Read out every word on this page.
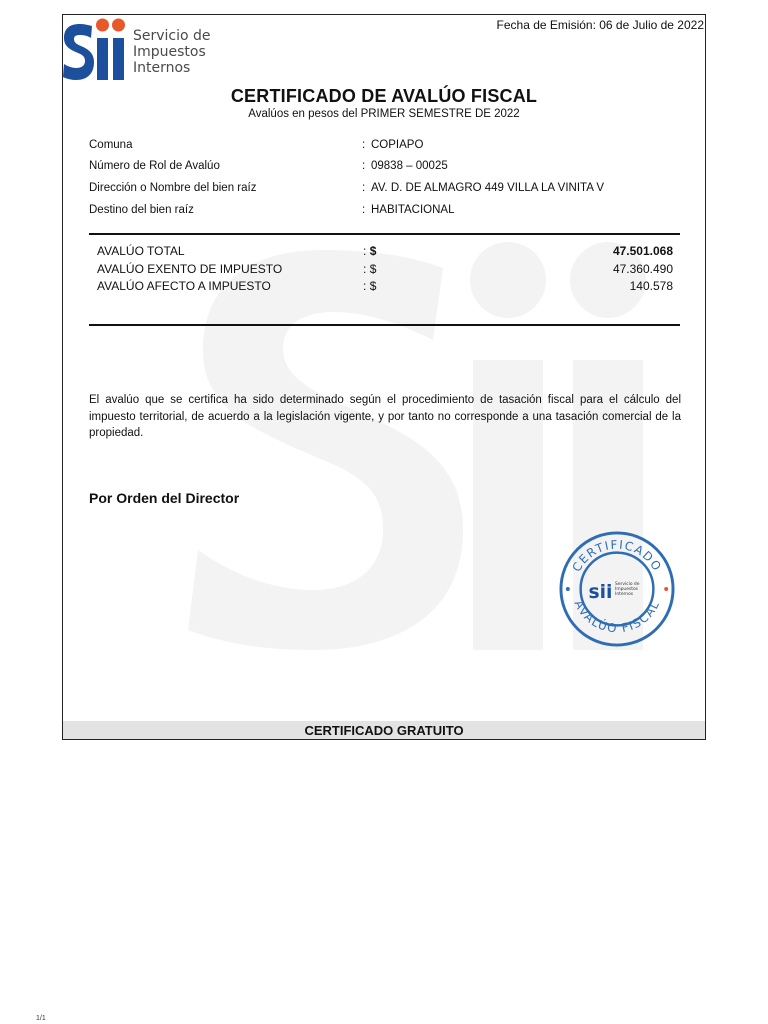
Servicio de
Impuestos
Internos
Fecha de Emisión: 06 de Julio de 2022
CERTIFICADO DE AVALÚO FISCAL
Avalúos en pesos del PRIMER SEMESTRE DE 2022
Comuna	: COPIAPO
Número de Rol de Avalúo	: 09838 – 00025
Dirección o Nombre del bien raíz	: AV. D. DE ALMAGRO 449 VILLA LA VINITA V
Destino del bien raíz	: HABITACIONAL
AVALÚO TOTAL	: $	47.501.068
AVALÚO EXENTO DE IMPUESTO	: $	47.360.490
AVALÚO AFECTO A IMPUESTO	: $	140.578
El avalúo que se certifica ha sido determinado según el procedimiento de tasación fiscal para el cálculo del impuesto territorial, de acuerdo a la legislación vigente, y por tanto no corresponde a una tasación comercial de la propiedad.
Por Orden del Director
CERTIFICADO
AVALÚO FISCAL
sii Servicio de
Impuestos
Internos
CERTIFICADO GRATUITO
1/1
